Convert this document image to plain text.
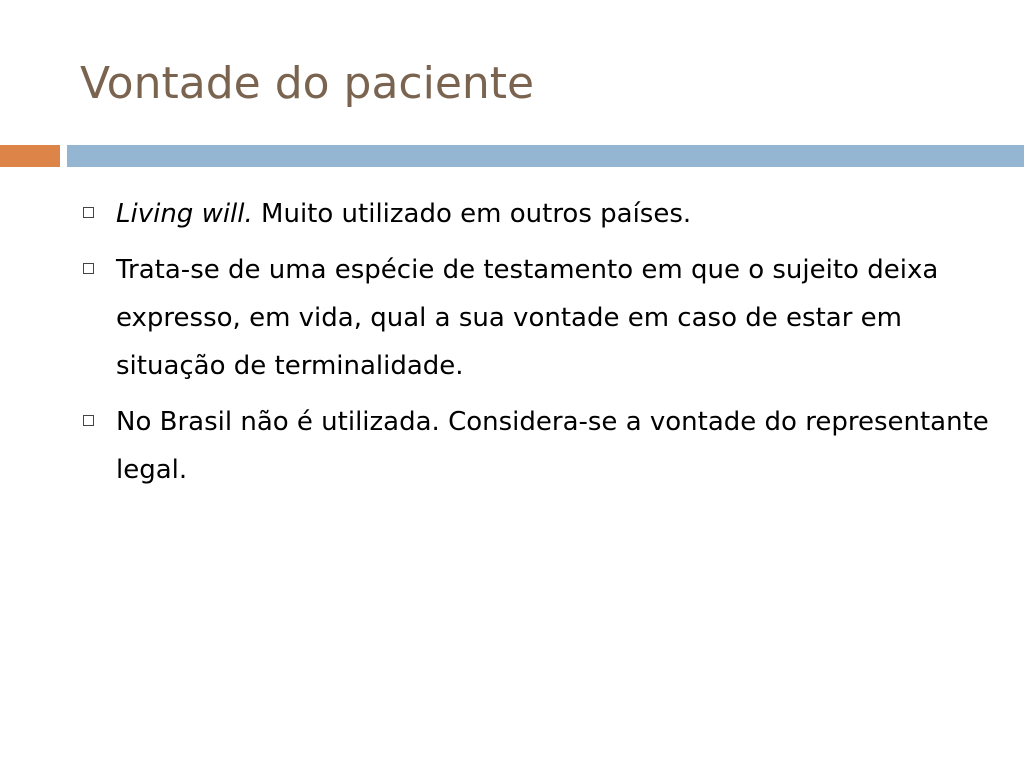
Vontade do paciente
Living will. Muito utilizado em outros países.
Trata-se de uma espécie de testamento em que o sujeito deixa expresso, em vida, qual a sua vontade em caso de estar em situação de terminalidade.
No Brasil não é utilizada. Considera-se a vontade do representante legal.
